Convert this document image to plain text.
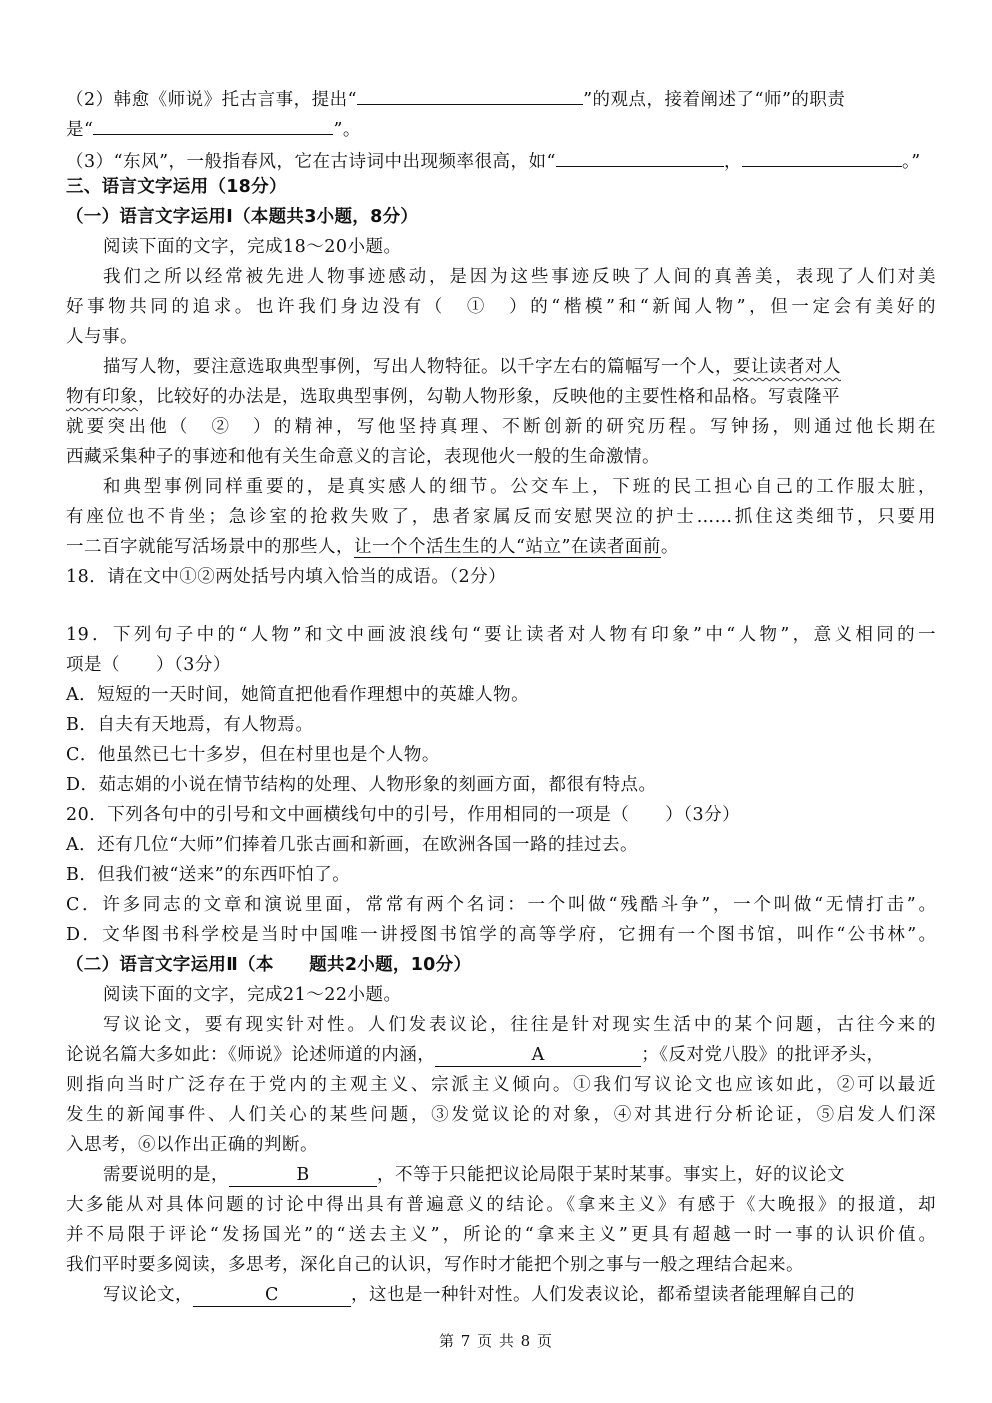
（2）韩愈《师说》托古言事，提出“	”的观点，接着阐述了“师”的职责
是“	”。
（3）“东风”，一般指春风，它在古诗词中出现频率很高，如“	，	。”
三、语言文字运用（18分）
（一）语言文字运用Ⅰ（本题共3小题，8分）
阅读下面的文字，完成18～20小题。
我们之所以经常被先进人物事迹感动，是因为这些事迹反映了人间的真善美，表现了人们对美
好事物共同的追求。也许我们身边没有（　①　）的“楷模”和“新闻人物”，但一定会有美好的
人与事。
描写人物，要注意选取典型事例，写出人物特征。以千字左右的篇幅写一个人，要让读者对人
物有印象，比较好的办法是，选取典型事例，勾勒人物形象，反映他的主要性格和品格。写袁隆平
就要突出他（　②　）的精神，写他坚持真理、不断创新的研究历程。写钟扬，则通过他长期在
西藏采集种子的事迹和他有关生命意义的言论，表现他火一般的生命激情。
和典型事例同样重要的，是真实感人的细节。公交车上，下班的民工担心自己的工作服太脏，
有座位也不肯坐；急诊室的抢救失败了，患者家属反而安慰哭泣的护士……抓住这类细节，只要用
一二百字就能写活场景中的那些人，让一个个活生生的人“站立”在读者面前。
18．请在文中①②两处括号内填入恰当的成语。（2分）
19．下列句子中的“人物”和文中画波浪线句“要让读者对人物有印象”中“人物”，意义相同的一
项是（　　）（3分）
A．短短的一天时间，她简直把他看作理想中的英雄人物。
B．自夫有天地焉，有人物焉。
C．他虽然已七十多岁，但在村里也是个人物。
D．茹志娟的小说在情节结构的处理、人物形象的刻画方面，都很有特点。
20．下列各句中的引号和文中画横线句中的引号，作用相同的一项是（　　）（3分）
A．还有几位“大师”们捧着几张古画和新画，在欧洲各国一路的挂过去。
B．但我们被“送来”的东西吓怕了。
C．许多同志的文章和演说里面，常常有两个名词：一个叫做“残酷斗争”，一个叫做“无情打击”。
D．文华图书科学校是当时中国唯一讲授图书馆学的高等学府，它拥有一个图书馆，叫作“公书林”。
（二）语言文字运用Ⅱ（本　　题共2小题，10分）
阅读下面的文字，完成21～22小题。
写议论文，要有现实针对性。人们发表议论，往往是针对现实生活中的某个问题，古往今来的
论说名篇大多如此：《师说》论述师道的内涵，	A	；《反对党八股》的批评矛头，
则指向当时广泛存在于党内的主观主义、宗派主义倾向。①我们写议论文也应该如此，②可以最近
发生的新闻事件、人们关心的某些问题，③发觉议论的对象，④对其进行分析论证，⑤启发人们深
入思考，⑥以作出正确的判断。
需要说明的是，	B	，不等于只能把议论局限于某时某事。事实上，好的议论文
大多能从对具体问题的讨论中得出具有普遍意义的结论。《拿来主义》有感于《大晚报》的报道，却
并不局限于评论“发扬国光”的“送去主义”，所论的“拿来主义”更具有超越一时一事的认识价值。
我们平时要多阅读，多思考，深化自己的认识，写作时才能把个别之事与一般之理结合起来。
写议论文，	C	，这也是一种针对性。人们发表议论，都希望读者能理解自己的
第 7 页 共 8 页
